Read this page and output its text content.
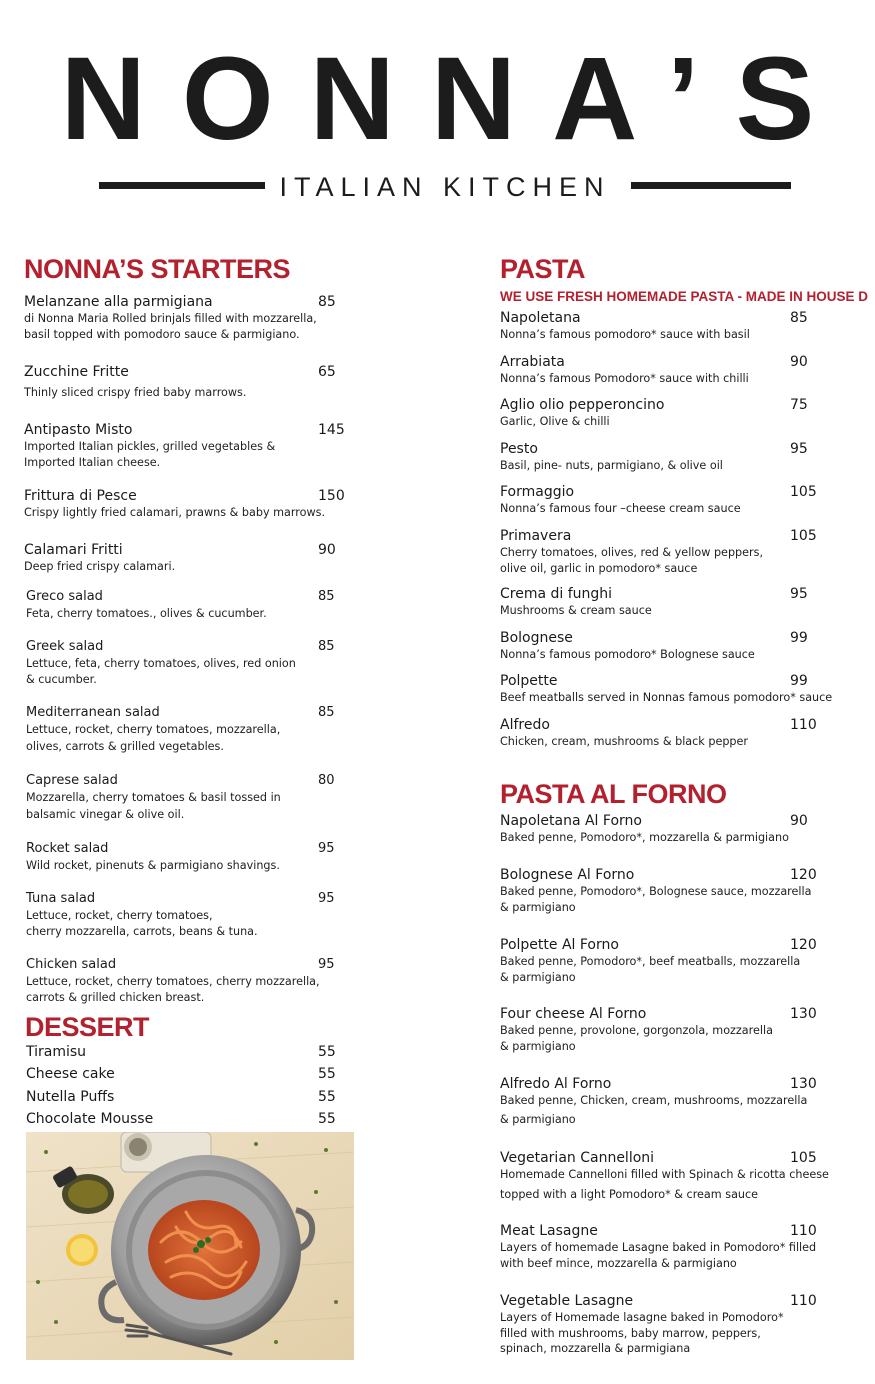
NONNA’S
ITALIAN KITCHEN
NONNA’S STARTERS
Melanzane alla parmigiana	85
di Nonna Maria Rolled brinjals filled with mozzarella,
basil topped with pomodoro sauce & parmigiano.
Zucchine Fritte	65
Thinly sliced crispy fried baby marrows.
Antipasto Misto	145
Imported Italian pickles, grilled vegetables &
Imported Italian cheese.
Frittura di Pesce	150
Crispy lightly fried calamari, prawns & baby marrows.
Calamari Fritti	90
Deep fried crispy calamari.
Greco salad	85
Feta, cherry tomatoes., olives & cucumber.
Greek salad	85
Lettuce, feta, cherry tomatoes, olives, red onion
& cucumber.
Mediterranean salad	85
Lettuce, rocket, cherry tomatoes, mozzarella,
olives, carrots & grilled vegetables.
Caprese salad	80
Mozzarella, cherry tomatoes & basil tossed in
balsamic vinegar & olive oil.
Rocket salad	95
Wild rocket, pinenuts & parmigiano shavings.
Tuna salad	95
Lettuce, rocket, cherry tomatoes,
cherry mozzarella, carrots, beans & tuna.
Chicken salad	95
Lettuce, rocket, cherry tomatoes, cherry mozzarella,
carrots & grilled chicken breast.
DESSERT
Tiramisu	55
Cheese cake	55
Nutella Puffs	55
Chocolate Mousse	55
PASTA
WE USE FRESH HOMEMADE PASTA - MADE IN HOUSE D
Napoletana	85
Nonna’s famous pomodoro* sauce with basil
Arrabiata	90
Nonna’s famous Pomodoro* sauce with chilli
Aglio olio pepperoncino	75
Garlic, Olive & chilli
Pesto	95
Basil, pine- nuts, parmigiano, & olive oil
Formaggio	105
Nonna’s famous four –cheese cream sauce
Primavera	105
Cherry tomatoes, olives, red & yellow peppers,
olive oil, garlic in pomodoro* sauce
Crema di funghi	95
Mushrooms & cream sauce
Bolognese	99
Nonna’s famous pomodoro* Bolognese sauce
Polpette	99
Beef meatballs served in Nonnas famous pomodoro* sauce
Alfredo	110
Chicken, cream, mushrooms & black pepper
PASTA AL FORNO
Napoletana Al Forno	90
Baked penne, Pomodoro*, mozzarella & parmigiano
Bolognese Al Forno	120
Baked penne, Pomodoro*, Bolognese sauce, mozzarella
& parmigiano
Polpette Al Forno	120
Baked penne, Pomodoro*, beef meatballs, mozzarella
& parmigiano
Four cheese Al Forno	130
Baked penne, provolone, gorgonzola, mozzarella
& parmigiano
Alfredo Al Forno	130
Baked penne, Chicken, cream, mushrooms, mozzarella
& parmigiano
Vegetarian Cannelloni	105
Homemade Cannelloni filled with Spinach & ricotta cheese
topped with a light Pomodoro* & cream sauce
Meat Lasagne	110
Layers of homemade Lasagne baked in Pomodoro* filled
with beef mince, mozzarella & parmigiano
Vegetable Lasagne	110
Layers of Homemade lasagne baked in Pomodoro*
filled with mushrooms, baby marrow, peppers,
spinach, mozzarella & parmigiana
